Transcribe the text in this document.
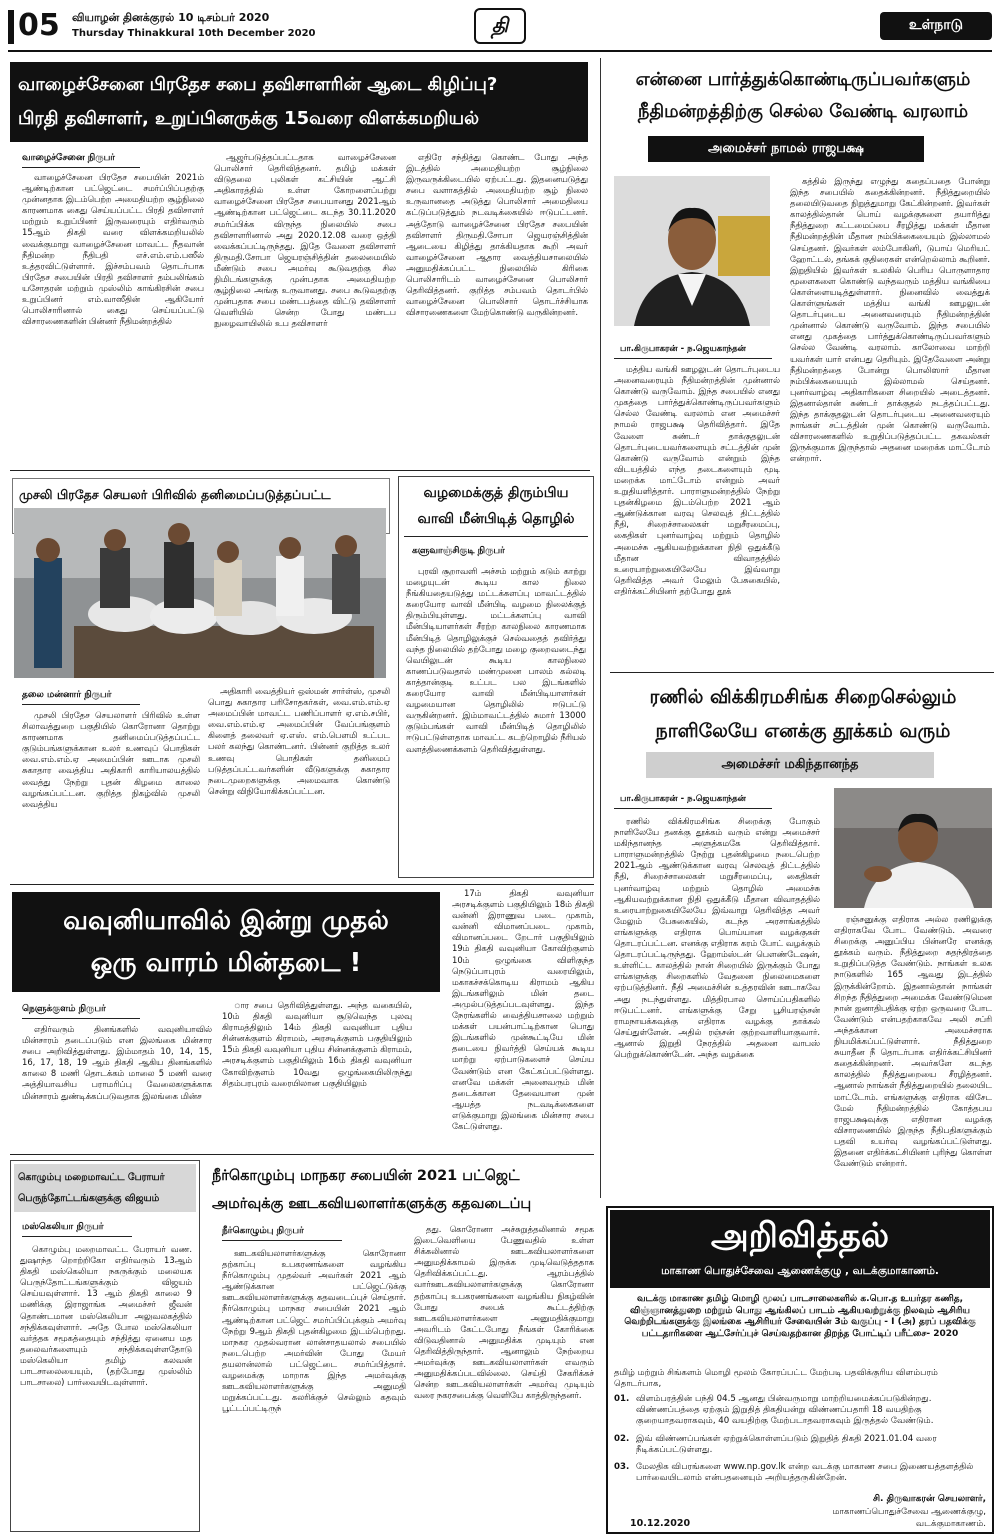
05 வியாழன் தினக்குரல் 10 டிசம்பர் 2020
Thursday Thinakkural 10th December 2020	தி	உள்நாடு
வாழைச்சேனை பிரதேச சபை தவிசாளரின் ஆடை கிழிப்பு?
பிரதி தவிசாளர், உறுப்பினருக்கு 15வரை விளக்கமறியல்
வாழைச்சேனை நிருபர்
வாழைச்சேனை பிரதேச சபையின் 2021ம் ஆண்டிற்கான பட்ஜெட்டை சமர்ப்பிப்பதற்கு முன்னதாக இடம்பெற்ற அமைதியற்ற சூழ்நிலை காரணமாக கைது செய்யப்பட்ட பிரதி தவிசாளர் மற்றும் உறுப்பினர் இருவரையும் எதிர்வரும் 15ஆம் திகதி வரை விளக்கமறியலில் வைக்குமாறு வாழைச்சேனை மாவட்ட நீதவான் நீதிமன்ற நீதிபதி எச்.எம்.எம்.பஸீல் உத்தரவிட்டுள்ளார். இச்சம்பவம் தொடர்பாக பிரதேச சபையின் பிரதி தவிசாளர் தம்பலிங்கம் யசோதரன் மற்றும் முஸ்லிம் காங்கிரசின் சபை உறுப்பினர் எம்.வாஸீதின் ஆகியோர் பொலிசாரினால் கைது செய்யப்பட்டு விசாரணைகளின் பின்னர் நீதிமன்றத்தில்
ஆஜர்படுத்தப்பட்டதாக வாழைச்சேனை பொலிசார் தெரிவித்தனர். தமிழ் மக்கள் விடுதலை புலிகள் கட்சியின் ஆட்சி அதிகாரத்தில் உள்ள கோறளைப்பற்று வாழைச்சேனை பிரதேச சபையானது 2021ஆம் ஆண்டிற்கான பட்ஜெட்டை கடந்த 30.11.2020 சமர்ப்பிக்க விருந்த நிலையில் சபை தவிசாளரினால் அது 2020.12.08 வரை ஒத்தி வைக்கப்பட்டிருந்தது. இதே வேளை தவிசாளர் திருமதி.சோபா ஜெயரஞ்சித்தின் தலைமையில் மீண்டும் சபை அமர்வு கூடுவதற்கு சில நிமிடங்களுக்கு முன்பதாக அமைதியற்ற சூழ்நிலை அங்கு உருவானது. சபை கூடுவதற்கு முன்பதாக சபை மண்டபத்தை விட்டு தவிசாளர் வெளியில் சென்ற போது மண்டப நுழைவாயிலில் உப தவிசாளர்
எதிரே சந்தித்து கொண்ட போது அந்த இடத்தில் அமைதியற்ற சூழ்நிலை இருவருக்கிடையில் ஏற்பட்டது. இதனையடுத்து சபை வளாகத்தில் அமைதியற்ற சூழ் நிலை உருவானதை அடுத்து பொலிசார் அமைதியை கட்டுப்படுத்தும் நடவடிக்கையில் ஈடுபட்டனர். அத்தோடு வாழைச்சேனை பிரதேச சபையின் தவிசாளர் திருமதி.சோபா ஜெயரஞ்சித்தின் ஆடையை கிழித்து தாக்கியதாக கூறி அவர் வாழைச்சேனை ஆதார வைத்தியசாலையில் அனுமதிக்கப்பட்ட நிலையில் கிரிகை பொலிசாரிடம் வாழைச்சேனை பொலிசார் தெரிவித்தனர். குறித்த சம்பவம் தொடர்பில் வாழைச்சேனை பொலிசார் தொடர்ச்சியாக விசாரணைகளை மேற்கொண்டு வருகின்றனர்.
என்னை பார்த்துக்கொண்டிருப்பவர்களும்
நீதிமன்றத்திற்கு செல்ல வேண்டி வரலாம்
அமைச்சர் நாமல் ராஜபக்ஷ
பா.கிருபாகரன் - ந.ஜெயகாந்தன்
மத்திய வங்கி ஊழலுடன் தொடர்புடைய அனைவரையும் நீதிமன்றத்தின் முன்னால் கொண்டு வருவோம். இந்த சபையில் எனது முகத்தை பார்த்துக்கொண்டிருப்பவர்களும் செல்ல வேண்டி வரலாம் என அமைச்சர் நாமல் ராஜபக்ஷ தெரிவித்தார். இதே வேளை சுண்டர் தாக்குதலுடன் தொடர்புடையவர்களையும் சட்டத்தின் முன் கொண்டு வருவோம் என்றும் இந்த விடயத்தில் எந்த தடைகளையும் மூடி மறைக்க மாட்டோம் என்றும் அவர் உறுதியளித்தார். பாராளுமன்றத்தில் நேற்று புதன்கிழமை இடம்பெற்ற 2021 ஆம் ஆண்டுக்கான வரவு செலவுத் திட்டத்தில் நீதி, சிறைச்சாலைகள் மறுசீரமைப்பு, கைதிகள் புனர்வாழ்வு மற்றும் தொழில் அமைச்சு ஆகியவற்றுக்கான நிதி ஒதுக்கீடு மீதான விவாதத்தில் உரையாற்றுகையிலேயே இவ்வாறு தெரிவித்த அவர் மேலும் பேசுகையில், எதிர்க்கட்சியினர் தற்போது தூக்
கத்தில் இருந்து எழுந்து கதைப்பதை போன்று இந்த சபையில் கதைக்கின்றனர். நீதித்துறையில் தலையிடுவதை நிறுத்துமாறு கேட்கின்றனர். இவர்கள் காலத்தில்தான் பொய் வழக்குகளை தயாரித்து நீதித்துறை கட்டமைப்பை சீரழித்து மக்கள் மீதான நீதிமன்றத்தின் மீதான நம்பிக்கையையும் இல்லாமல் செய்தனர். இவர்கள் லம்போகினி, டுபாய் மெரியட் ஹோட்டல், தங்கக் குதிரைகள் என்றெல்லாம் கூறினர். இறுதியில் இவர்கள் உலகில் பெரிய பொருளாதார மூளைகளை கொண்டு வந்தவரும் மத்திய வங்கியை கொள்ளையடித்துள்ளார். நினைவில் வைத்துக் கொள்ளுங்கள் மத்திய வங்கி ஊழலுடன் தொடர்புடைய அனைவரையும் நீதிமன்றத்தின் முன்னால் கொண்டு வருவோம். இந்த சபையில் எனது முகத்தை பார்த்துக்கொண்டிருப்பவர்களும் செல்ல வேண்டி வரலாம். காலோவை மாற்றி யவர்கள் யார் என்பது தெரியும். இதேவேளை அன்று நீதிமன்றத்தை போன்று பொலிஸார் மீதான நம்பிக்கையையும் இல்லாமல் செய்தனர். புனர்வாழ்வு அதிகாரிகளை சிறையில் அடைத்தனர். இதனால்தான் சுண்டர் தாக்குதல் நடத்தப்பட்டது. இந்த தாக்குதலுடன் தொடர்புடைய அனைவரையும் நாங்கள் சட்டத்தின் முன் கொண்டு வருவோம். விசாரணைகளில் உறுதிப்படுத்தப்பட்ட தகவல்கள் இருக்குமாக இருந்தால் அதனை மறைக்க மாட்டோம் என்றார்.
முசலி பிரதேச செயலர் பிரிவில் தனிமைப்படுத்தப்பட்ட
தலை மன்னார் நிருபர்
முசலி பிரதேச செயலாளர் பிரிவில் உள்ள சிலாவத்துறை பகுதியில் கொரோனா தொற்று காரணமாக தனிமைப்படுத்தப்பட்ட குடும்பங்களுக்கான உலர் உணவுப் பொதிகள் வை.எம்.எம்.ஏ அமைப்பின் ஊடாக முசலி சுகாதார வைத்திய அதிகாரி காரியாலயத்தில் வைத்து நேற்று புதன் கிழமை காலை வழங்கப்பட்டன. குறித்த நிகழ்வில் முசலி வைத்திய
அதிகாரி வைத்தியர் ஒஸ்மன் சார்ள்ஸ், முசலி பொது சுகாதார பரிசோதகர்கள், வை.எம்.எம்.ஏ அமைப்பின் மாவட்ட பணிப்பாளர் ஏ.எம்.சபிர், வை.எம்.எம்.ஏ அமைப்பின் வேப்பங்குளம் கிளைத் தலைவர் ஏ.எஸ். எம்.பௌமி உட்பட பலர் கலந்து கொண்டனர். பின்னர் குறித்த உலர் உணவு பொதிகள் தனிமைப் படுத்தப்பட்டவர்களின் வீடுகளுக்கு சுகாதார நடைமுறைகளுக்கு அமைவாக கொண்டு சென்று விநியோகிக்கப்பட்டன.
வழமைக்குத் திரும்பிய
வாவி மீன்பிடித் தொழில்
களுவாஞ்சிகுடி நிருபர்
புரவி சூறாவளி அச்சம் மற்றும் கடும் காற்று மழையுடன் கூடிய கால நிலை நீங்கியதையடுத்து மட்டக்களப்பு மாவட்டத்தில் கரையோர வாவி மீன்பிடி வழமை நிலைக்குத் திரும்பியுள்ளது. மட்டக்களப்பு வாவி மீன்பிடியாளர்கள் சீரற்ற காலநிலை காரணமாக மீன்பிடித் தொழிலுக்குச் செல்வதைத் தவிர்த்து வந்த நிலையில் தற்போது மழை குறைவடைந்து வெயிலுடன் கூடிய காலநிலை காணப்படுவதால் மண்முனை பாலம் கல்லடி காத்தான்குடி உட்பட பல இடங்களில் கரையோர வாவி மீன்பிடியாளர்கள் வழமையான தொழிலில் ஈடுபட்டு வருகின்றனர். இம்மாவட்டத்தில் சுமார் 13000 குடும்பங்கள் வாவி மீன்பிடித் தொழிலில் ஈடுபட்டுள்ளதாக மாவட்ட கடற்றொழில் நீரியல் வளத்திணைக்களம் தெரிவித்துள்ளது.
ரணில் விக்கிரமசிங்க சிறைசெல்லும்
நாளிலேயே எனக்கு தூக்கம் வரும்
அமைச்சர் மகிந்தானந்த
பா.கிருபாகரன் - ந.ஜெயகாந்தன்
ரணில் விக்கிரமசிங்க சிறைக்கு போகும் நாளிலேயே தனக்கு தூக்கம் வரும் என்று அமைச்சர் மகிந்தானந்த அளுத்கமகே தெரிவித்தார். பாராளுமன்றத்தில் நேற்று புதன்கிழமை நடைபெற்ற 2021ஆம் ஆண்டுக்கான வரவு செலவுத் திட்டத்தில் நீதி, சிறைச்சாலைகள் மறுசீரமைப்பு, கைதிகள் புனர்வாழ்வு மற்றும் தொழில் அமைச்சு ஆகியவற்றுக்கான நிதி ஒதுக்கீடு மீதான விவாதத்தில் உரையாற்றுகையிலேயே இவ்வாறு தெரிவித்த அவர் மேலும் பேசுகையில், கடந்த அரசாங்கத்தில் எங்களுக்கு எதிராக பொய்யான வழக்குகள் தொடரப்பட்டன. எனக்கு எதிராக கரம் போட் வழக்கும் தொடரப்பட்டிருந்தது. ஹோம்ஸ்டன் பௌண்டேஷன், உள்ளிட்ட காலத்தில் நான் சிறையில் இருக்கும் போது எங்களுக்கு சிறைகளில் வேதனை நிலைமைகளை ஏற்படுத்தினர். நீதி அமைச்சின் உத்தரவின் ஊடாகவே அது நடந்துள்ளது. மித்திரபால சொய்ப்பதிகளில் ஈடுபட்டனர். எங்களுக்கு சேறு பூசியரஞ்சன் ராமநாயக்கவுக்கு எதிராக வழக்கு தாக்கல் செய்துள்ளேன். அதில் ரஞ்சன் குற்றவாளியாகுவார். ஆனால் இறுதி நேரத்தில் அதனை வாபஸ் பெற்றுக்கொண்டேன். அந்த வழக்கை
ரஞ்சனுக்கு எதிராக அல்ல ரணிலுக்கு எதிராகவே போட வேண்டும். அவரை சிறைக்கு அனுப்பிய பின்னரே எனக்கு தூக்கம் வரும். நீதித்துறை சுதந்திரத்தை உறுதிப்படுத்த வேண்டும். நாங்கள் உலக நாடுகளில் 165 ஆவது இடத்தில் இருக்கின்றோம். இதனால்தான் நாங்கள் சிறந்த நீதித்துறை அமைக்க வேண்டுமென நான் ஐனாதிபதிக்கு ஏற்ற ஒருவரை போட வேண்டும் என்பதற்காகவே அலி சப்ரி அந்தக்கான அமைச்சராக நியமிக்கப்பட்டுள்ளார். நீதித்துறை சுயாதீன நீ தொடர்பாக எதிர்க்கட்சியினர் கதைக்கின்றனர். அவர்களே கடந்த காலத்தில் நீதித்துறையை சீரழித்தனர். ஆனால் நாங்கள் நீதித்துறையில் தலையிட மாட்டோம். எங்களுக்கு எதிராக விசேட மேல் நீதிமன்றத்தில் கோத்தபய ராஜபக்ஷவுக்கு எதிரான வழக்கு விசாரணையில் இருந்த நீதிபதிகளுக்கும் பதவி உயர்வு வழங்கப்பட்டுள்ளது. இதனை எதிர்க்கட்சியினர் புரிந்து கொள்ள வேண்டும் என்றார்.
வவுனியாவில் இன்று முதல்
ஒரு வாரம் மின்தடை !
நெளுக்குளம் நிருபர்
எதிர்வரும் தினங்களில் வவுனியாவில் மின்சாரம் தடைப்படும் என இலங்கை மின்சார சபை அறிவித்துள்ளது. இம்மாதம் 10, 14, 15, 16, 17, 18, 19 ஆம் திகதி ஆகிய தினங்களில் காலை 8 மணி தொடக்கம் மாலை 5 மணி வரை அத்தியாவசிய பராமரிப்பு வேலைகளுக்காக மின்சாரம் துண்டிக்கப்படுவதாக இலங்கை மின்ச
ார சபை தெரிவித்துள்ளது. அந்த வகையில், 10ம் திகதி வவுனியா சூடுவெந்த புலவு கிராமத்திலும் 14ம் திகதி வவுனியா புதிய சின்னக்குளம் கிராமம், அரசடிக்குளம் பகுதியிலும் 15ம் திகதி வவுனியா புதிய சின்னக்குளம் கிராமம், அரசடிக்குளம் பகுதியிலும் 16ம் திகதி வவுனியா கோவிற்குளம் 10வது ஒழுங்கையிலிருந்து சிதம்பரபுரம் வரையிலான பகுதியிலும்
17ம் திகதி வவுனியா அரசடிக்குளம் பகுதியிலும் 18ம் திகதி வன்னி இராணுவ படை முகாம், வன்னி விமானப்படை முகாம், விமானப்படை றேடார் பகுதியிலும் 19ம் திகதி வவுனியா கோவிற்குளம் 10ம் ஒழுங்கை விளிகுந்த நெடுப்பாபுரம் வரையிலும், மகாகச்சக்கொடிய கிராமம் ஆகிய இடங்களிலும் மின் தடை அமுல்படுத்தப்படவுள்ளது. இந்த நேரங்களில் வைத்தியசாலை மற்றும் மக்கள் பயன்பாட்டிற்கான பொது இடங்களில் முன்கூட்டியே மின் தடையை நிவர்த்தி செய்யக் கூடிய மாற்று ஏற்பாடுகளைச் செய்ய வேண்டும் என கேட்கப்பட்டுள்ளது. எனவே மக்கள் அனைவரும் மின் தடைக்கான தேவையான முன் ஆயத்த நடவடிக்கைகளை எடுக்குமாறு இலங்கை மின்சார சபை கேட்டுள்ளது.
கொழும்பு மறைமாவட்ட பேராயர்
பெருந்தோட்டங்களுக்கு விஜயம்
மஸ்கெலியா நிருபர்
கொழும்பு மறைமாவட்ட பேராயர் வண. துஷாந்த றொற்றிகோ எதிர்வரும் 13ஆம் திகதி மஸ்கெலியா நகருக்கும் மலையக பெருந்தோட்டங்களுக்கும் விஜயம் செய்யவுள்ளார். 13 ஆம் திகதி காலை 9 மணிக்கு இராஜாங்க அமைச்சர் ஜீவன் தொண்டமான மஸ்கெலியா அலுவலகத்தில் சந்திக்கவுள்ளார். அதே போல மஸ்கெலியா வர்த்தக சமூகத்தையும் சந்தித்து ஏனைய மத தலைவர்களையும் சந்திக்கவுள்ளதோடு மஸ்கெலியா தமிழ் கலவன் பாடசாலையையும், (தற்போது முஸ்லிம் பாடசாலை) பார்வையிடவுள்ளார்.
நீர்கொழும்பு மாநகர சபையின் 2021 பட்ஜெட்
அமர்வுக்கு ஊடகவியலாளர்களுக்கு கதவடைப்பு
நீர்கொழும்பு நிருபர்
ஊடகவியலாளர்களுக்கு கொரோனா தற்காப்பு உபகரணங்களை வழங்கிய நீர்கொழும்பு முதல்வர் அவர்கள் 2021 ஆம் ஆண்டுக்கான பட்ஜெட்டுக்கு ஊடகவியலாளர்களுக்கு கதவடைப்புச் செய்தார். நீர்கொழும்பு மாநகர சபையின் 2021 ஆம் ஆண்டிற்கான பட்ஜெட் சமர்ப்பிப்புக்கும் அமர்வு நேற்று 9ஆம் திகதி புதன்கிழமை இடம்பெற்றது. மாநகர முதல்வரான லான்சாதயலால் சபையில் நடைபெற்ற அமர்வின் போது மேயர் தயலான்லால் பட்ஜெட்டை சமர்ப்பித்தார். வழமைக்கு மாறாக இந்த அமர்வுக்கு ஊடகவியலாளர்களுக்கு அனுமதி மறுக்கப்பட்டது. கலரிக்குச் செல்லும் கதவும் பூட்டப்பட்டிருந்
தது. கொரோனா அச்சுறுத்தலினால் சமூக இடைவெளியை பேணுவதில் உள்ள சிக்கலினால் ஊடகவியலாளர்களை அனுமதிக்காமல் இருக்க முடிவெடுத்ததாக தெரிவிக்கப்பட்டது. ஆரம்பத்தில் வார்ஊடகவியலாளர்களுக்கு கொரோனா தற்காப்பு உபகரணங்களை வழங்கிய நிகழ்வின் போது சபைக் கூட்டத்திற்கு ஊடகவியலாளர்களை அனுமதிக்குமாறு அவரிடம் கேட்டபோது நீங்கள் கோரிக்கை விடுவதினால் அனுமதிக்க முடியும் என தெரிவித்திருந்தார். ஆனாலும் நேற்றைய அமர்வுக்கு ஊடகவியலாளர்கள் எவரும் அனுமதிக்கப்படவில்லை. செய்தி சேகரிக்கச் சென்ற ஊடகவியலாளர்கள் அமர்வு முடியும் வரை நகரசபைக்கு வெளியே காத்திருந்தனர்.
அறிவித்தல்
மாகாண பொதுச்சேவை ஆணைக்குழு , வடக்குமாகாணம்.
வடக்கு மாகாண தமிழ் மொழி மூலப் பாடசாலைகளில் க.பொ.த உயர்தர கணித, விஞ்ஞானத்துறை மற்றும் பொது ஆங்கிலப் பாடம் ஆகியவற்றுக்கு நிலவும் ஆசிரிய வெற்றிடங்களுக்கு இலங்கை ஆசிரியர் சேவையின் 3ம் வகுப்பு - I (அ) தரப் பதவிக்கு பட்டதாரிகளை ஆட்சேர்ப்புச் செய்வதற்கான திறந்த போட்டிப் பரீட்சை- 2020
தமிழ் மற்றும் சிங்களம் மொழி மூலம் கோரப்பட்ட மேற்படி பதவிக்குரிய விளம்பரம் தொடர்பாக,
01. விளம்பரத்தின் பந்தி 04.5 ஆனது பின்வருமாறு மாற்றியமைக்கப்படுகின்றது. விண்ணப்பத்தை ஏற்கும் இறுதித் திகதியன்று விண்ணப்பதாரி 18 வயதிற்கு குறையாதவராகவும், 40 வயதிற்கு மேற்படாதவராகவும் இருத்தல் வேண்டும்.
02. இவ் விண்ணப்பங்கள் ஏற்றுக்கொள்ளப்படும் இறுதித் திகதி 2021.01.04 வரை நீடிக்கப்பட்டுள்ளது.
03. மேலதிக விபரங்களை www.np.gov.lk என்ற வடக்கு மாகாண சபை இணையத்தளத்தில் பார்வையிடலாம் என்பதனையும் அறியத்தருகின்றேன்.
சி. திருவாகரன் செயலாளர்,
மாகாணப்பொதுச்சேவை ஆணைக்குழு,
வடக்குமாகாணம்.
10.12.2020
